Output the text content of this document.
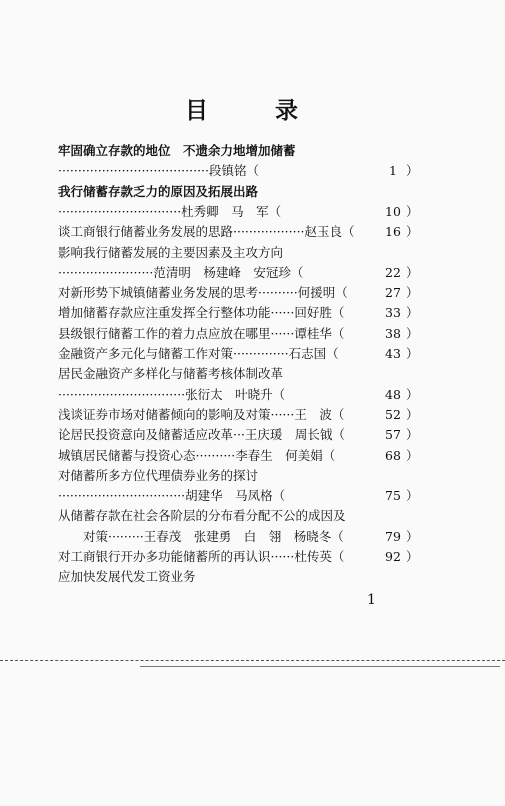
目　录
牢固确立存款的地位　不遗余力地增加储蓄
······································段镇铭（	1 ）
我行储蓄存款乏力的原因及拓展出路
·······························杜秀卿　马　军（	10 ）
谈工商银行储蓄业务发展的思路··················赵玉良（	16 ）
影响我行储蓄发展的主要因素及主攻方向
························范清明　杨建峰　安冠珍（	22 ）
对新形势下城镇储蓄业务发展的思考··········何援明（	27 ）
增加储蓄存款应注重发挥全行整体功能······回好胜（	33 ）
县级银行储蓄工作的着力点应放在哪里······谭桂华（	38 ）
金融资产多元化与储蓄工作对策··············石志国（	43 ）
居民金融资产多样化与储蓄考核体制改革
································张衍太　叶晓升（	48 ）
浅谈证券市场对储蓄倾向的影响及对策······王　波（	52 ）
论居民投资意向及储蓄适应改革···王庆瑗　周长钺（	57 ）
城镇居民储蓄与投资心态··········李春生　何美娟（	68 ）
对储蓄所多方位代理债券业务的探讨
································胡建华　马凤格（	75 ）
从储蓄存款在社会各阶层的分布看分配不公的成因及
　　对策·········王春茂　张建勇　白　翎　杨晓冬（	79 ）
对工商银行开办多功能储蓄所的再认识······杜传英（	92 ）
应加快发展代发工资业务
1
